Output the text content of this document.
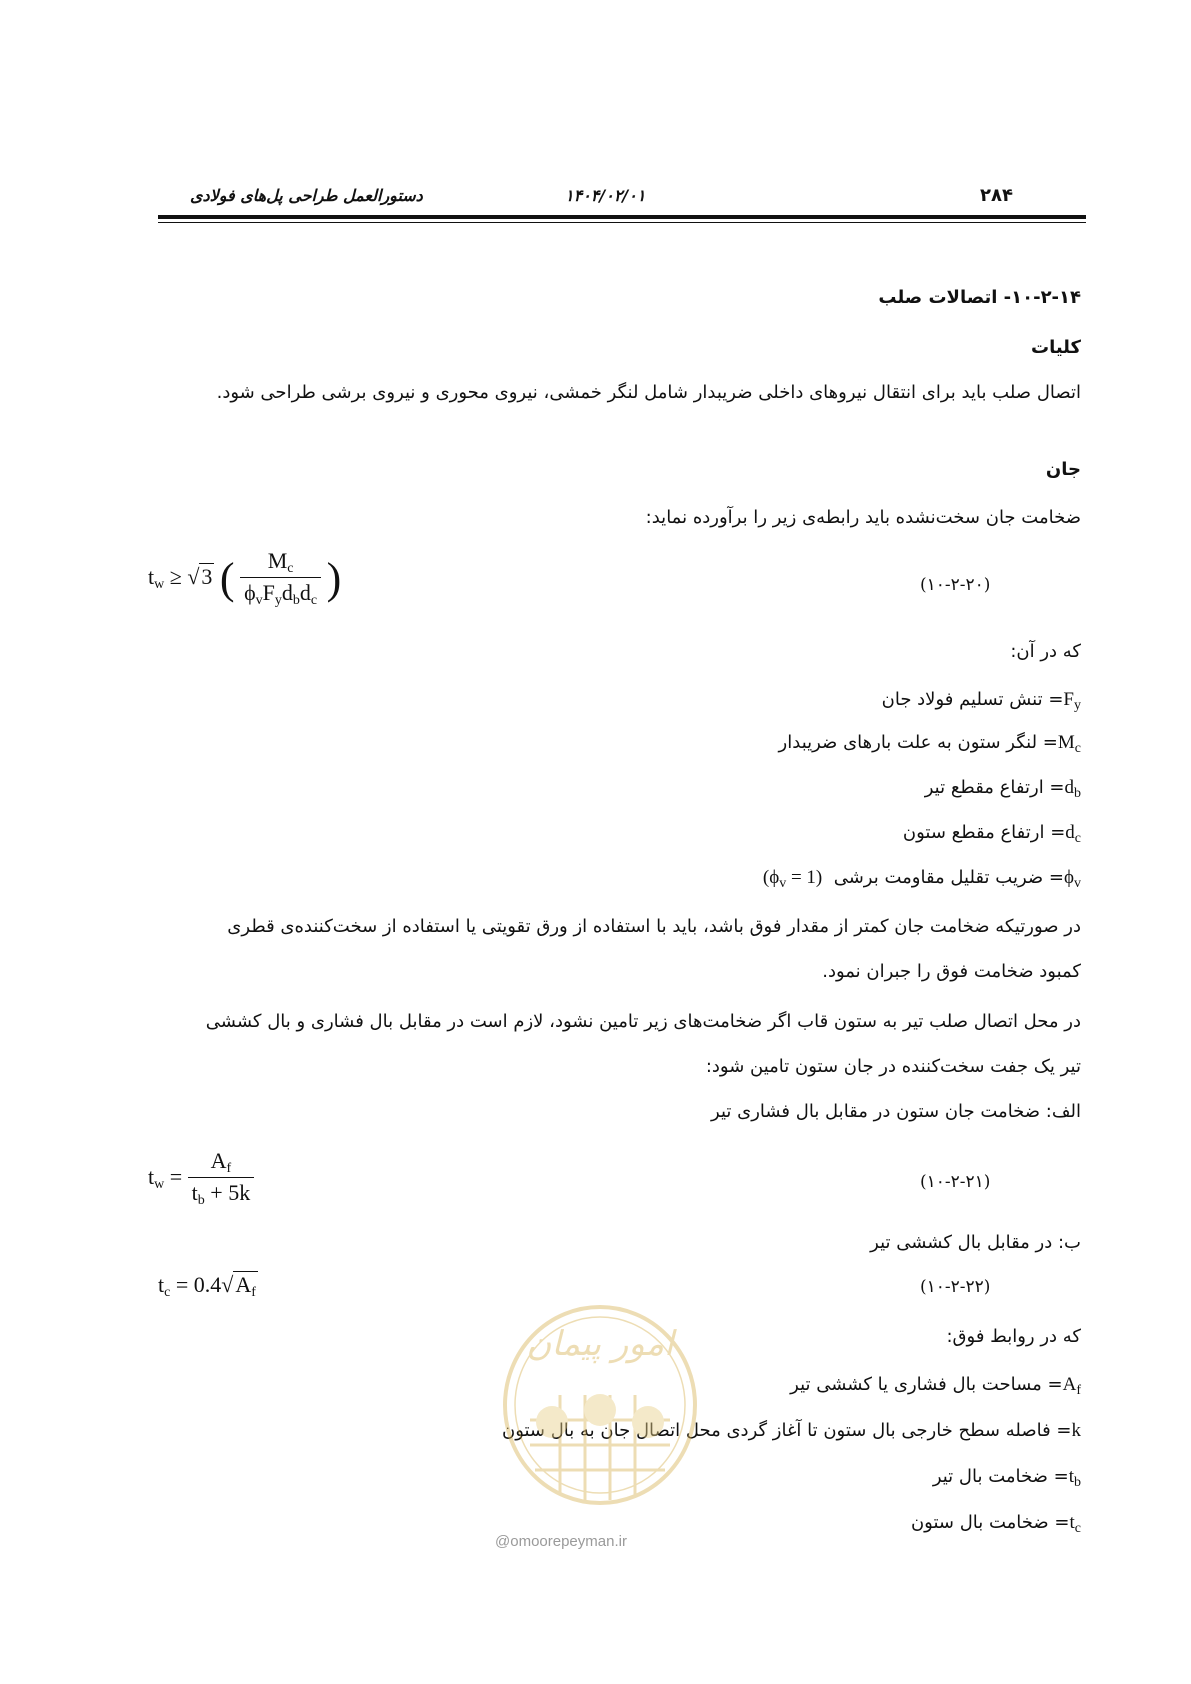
۲۸۴
۱۴۰۴/۰۲/۰۱
دستورالعمل طراحی پل‌های فولادی
۱۰-۲-۱۴- اتصالات صلب
کلیات
اتصال صلب باید برای انتقال نیروهای داخلی ضریبدار شامل لنگر خمشی، نیروی محوری و نیروی برشی طراحی شود.
جان
ضخامت جان سخت‌نشده باید رابطه‌ی زیر را برآورده نماید:
$t_w \ge √3$ ( $\frac{M_c}{\phi_vF_yd_bd_c}$ )	(۱۰-۲-۲۰)
که در آن:
= تنش تسلیم فولاد جانF$_y$
= لنگر ستون به علت بارهای ضریبدارM$_c$
= ارتفاع مقطع تیرd$_b$
= ارتفاع مقطع ستونd$_c$
$(\phi_v = 1)$ = ضریب تقلیل مقاومت برشیϕ$_v$
در صورتیکه ضخامت جان کمتر از مقدار فوق باشد، باید با استفاده از ورق تقویتی یا استفاده از سخت‌کننده‌ی قطری
کمبود ضخامت فوق را جبران نمود.
در محل اتصال صلب تیر به ستون قاب اگر ضخامت‌های زیر تامین نشود، لازم است در مقابل بال فشاری و بال کششی
تیر یک جفت سخت‌کننده در جان ستون تامین شود:
الف: ضخامت جان ستون در مقابل بال فشاری تیر
$t_w = \frac{A_f}{t_b + 5k}$	(۱۰-۲-۲۱)
ب: در مقابل بال کششی تیر
$t_c = 0.4√A_f$	(۱۰-۲-۲۲)
که در روابط فوق:
= مساحت بال فشاری یا کششی تیرA$_f$
= فاصله سطح خارجی بال ستون تا آغاز گردی محل اتصال جان به بال ستونk
= ضخامت بال تیرt$_b$
= ضخامت بال ستونt$_c$
امور پیمان
@omoorepeyman.ir
